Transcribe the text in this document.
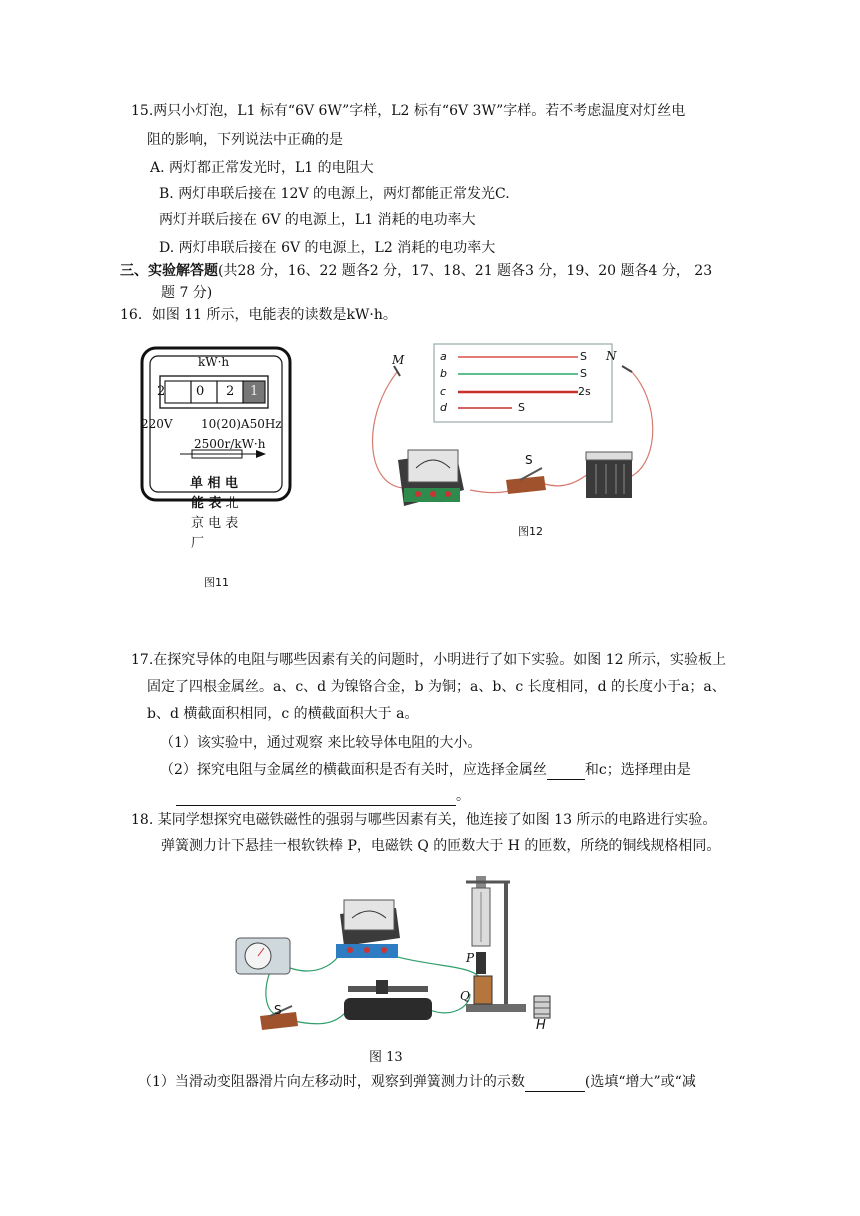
15.两只小灯泡，L1 标有“6V 6W”字样，L2 标有“6V 3W”字样。若不考虑温度对灯丝电
阻的影响，下列说法中正确的是
A. 两灯都正常发光时，L1 的电阻大
B. 两灯串联后接在 12V 的电源上，两灯都能正常发光C.
两灯并联后接在 6V 的电源上，L1 消耗的电功率大
D. 两灯串联后接在 6V 的电源上，L2 消耗的电功率大
三、实验解答题(共28 分，16、22 题各2 分，17、18、21 题各3 分，19、20 题各4 分， 23
题 7 分)
16．如图 11 所示，电能表的读数是kW·h。
kW·h
2 0 2 1
220V 10(20)A50Hz
2500r/kW·h
单 相 电
能 表 北
京 电 表
厂
图11
M	N
a	S
b	S
c	2s
d	S
S
图12
17.在探究导体的电阻与哪些因素有关的问题时，小明进行了如下实验。如图 12 所示，实验板上
固定了四根金属丝。a、c、d 为镍铬合金，b 为铜；a、b、c 长度相同，d 的长度小于a；a、
b、d 横截面积相同，c 的横截面积大于 a。
（1）该实验中，通过观察 来比较导体电阻的大小。
（2）探究电阻与金属丝的横截面积是否有关时，应选择金属丝	和c；选择理由是
。
18. 某同学想探究电磁铁磁性的强弱与哪些因素有关，他连接了如图 13 所示的电路进行实验。
弹簧测力计下悬挂一根软铁棒 P，电磁铁 Q 的匝数大于 H 的匝数，所绕的铜线规格相同。
P
Q
H
S
图 13
（1）当滑动变阻器滑片向左移动时，观察到弹簧测力计的示数	(选填“增大”或“减
